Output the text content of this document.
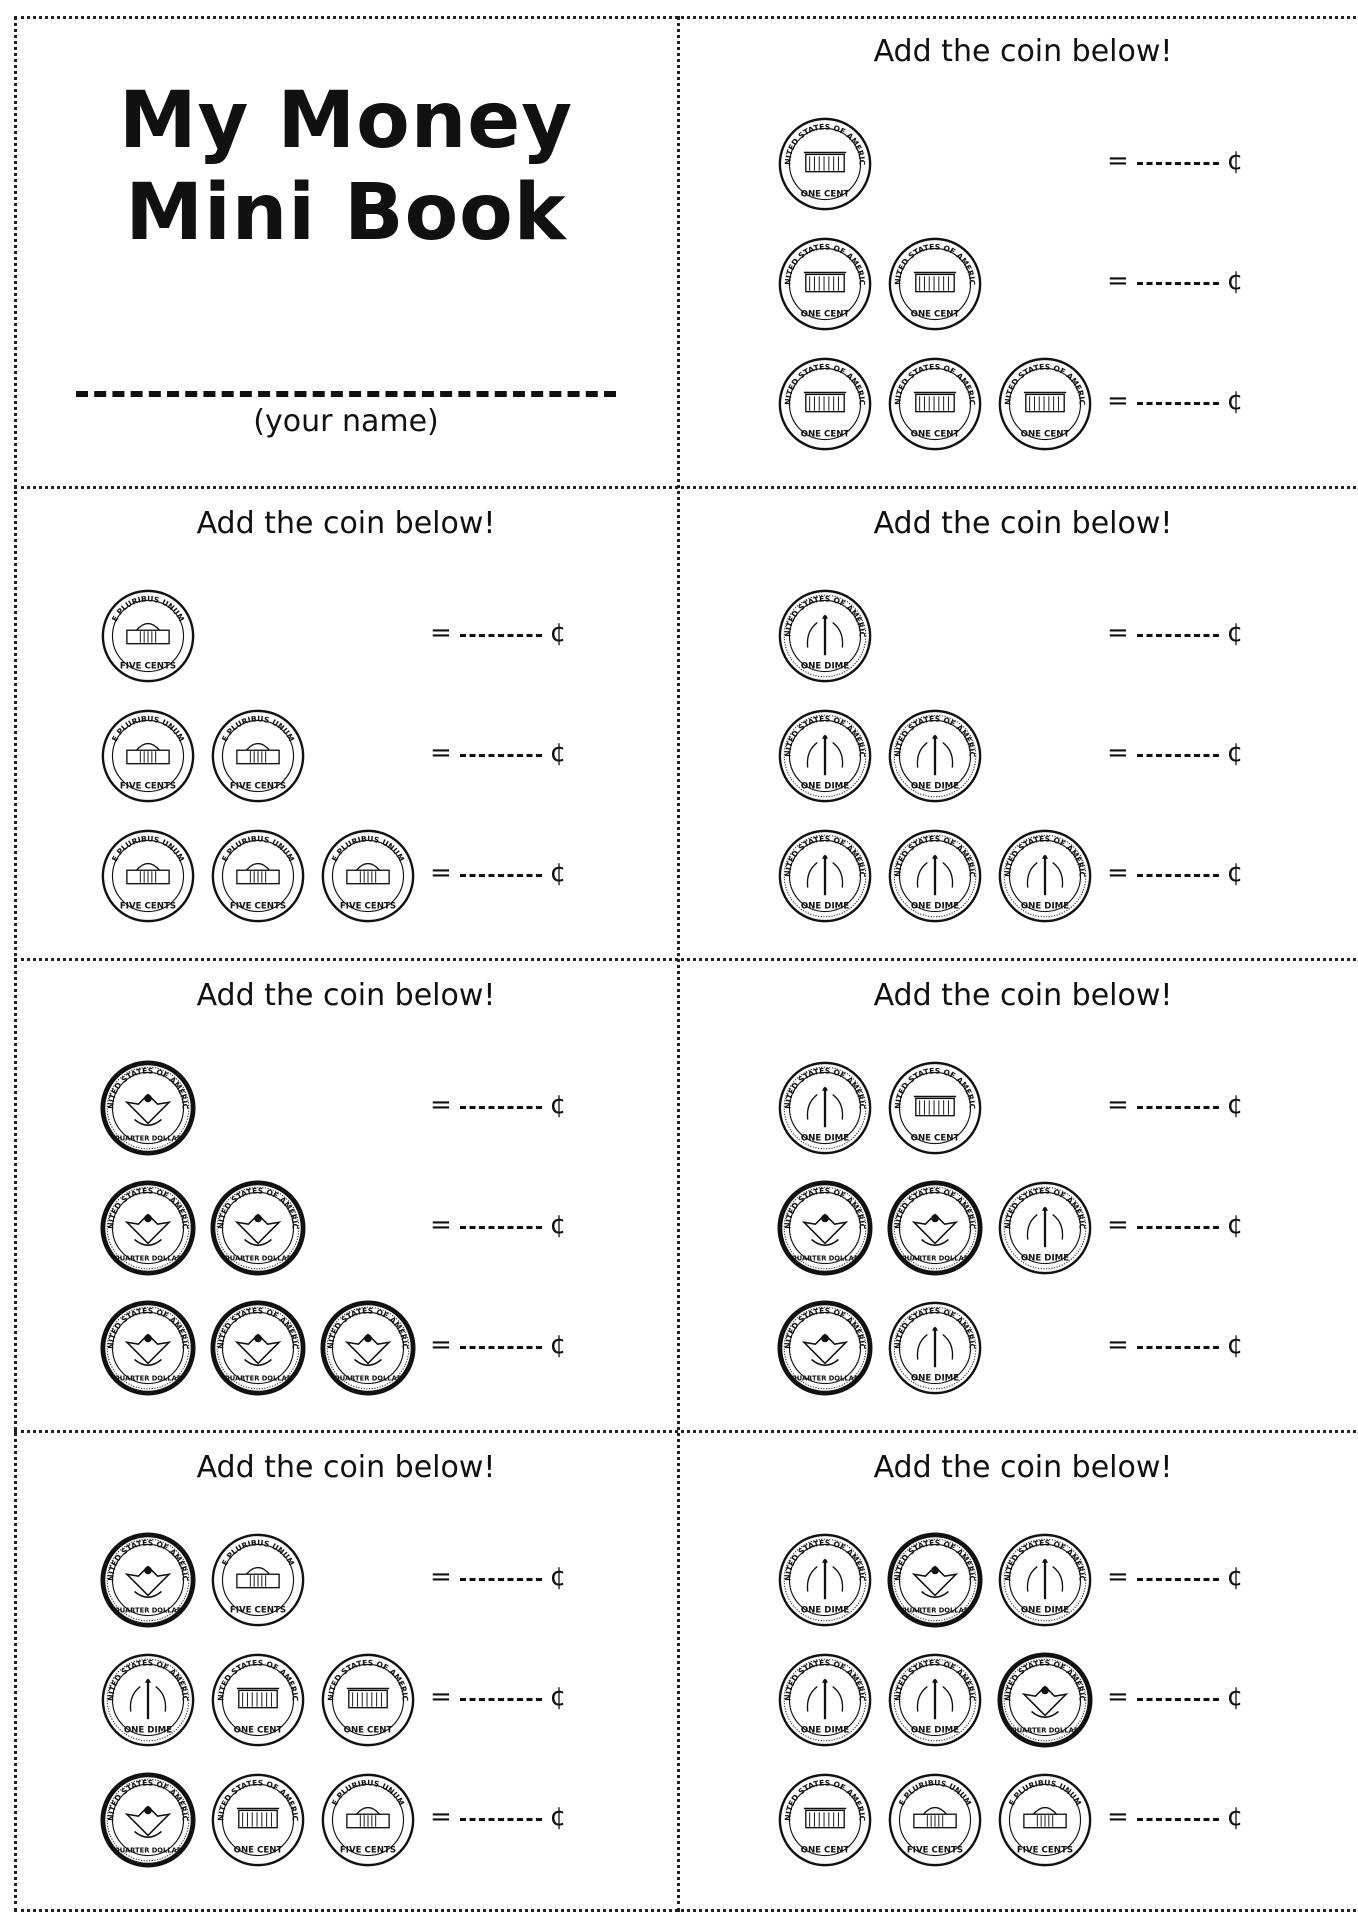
My Money
Mini Book
(your name)
Add the coin below!
NITED STATES OF AMERIC
ONE CENT
=	¢
NITED STATES OF AMERIC
ONE CENT
NITED STATES OF AMERIC
ONE CENT
=	¢
NITED STATES OF AMERIC
ONE CENT
NITED STATES OF AMERIC
ONE CENT
NITED STATES OF AMERIC
ONE CENT
=	¢
Add the coin below!
E PLURIBUS UNUM
FIVE CENTS
=	¢
E PLURIBUS UNUM
FIVE CENTS
E PLURIBUS UNUM
FIVE CENTS
=	¢
E PLURIBUS UNUM
FIVE CENTS
E PLURIBUS UNUM
FIVE CENTS
E PLURIBUS UNUM
FIVE CENTS
=	¢
Add the coin below!
NITED STATES OF AMERIC
ONE DIME
=	¢
NITED STATES OF AMERIC
ONE DIME
NITED STATES OF AMERIC
ONE DIME
=	¢
NITED STATES OF AMERIC
ONE DIME
NITED STATES OF AMERIC
ONE DIME
NITED STATES OF AMERIC
ONE DIME
=	¢
Add the coin below!
NITED STATES OF AMERIC
QUARTER DOLLAR
=	¢
NITED STATES OF AMERIC
QUARTER DOLLAR
NITED STATES OF AMERIC
QUARTER DOLLAR
=	¢
NITED STATES OF AMERIC
QUARTER DOLLAR
NITED STATES OF AMERIC
QUARTER DOLLAR
NITED STATES OF AMERIC
QUARTER DOLLAR
=	¢
Add the coin below!
NITED STATES OF AMERIC
ONE DIME
NITED STATES OF AMERIC
ONE CENT
=	¢
NITED STATES OF AMERIC
QUARTER DOLLAR
NITED STATES OF AMERIC
QUARTER DOLLAR
NITED STATES OF AMERIC
ONE DIME
=	¢
NITED STATES OF AMERIC
QUARTER DOLLAR
NITED STATES OF AMERIC
ONE DIME
=	¢
Add the coin below!
NITED STATES OF AMERIC
QUARTER DOLLAR
E PLURIBUS UNUM
FIVE CENTS
=	¢
NITED STATES OF AMERIC
ONE DIME
NITED STATES OF AMERIC
ONE CENT
NITED STATES OF AMERIC
ONE CENT
=	¢
NITED STATES OF AMERIC
QUARTER DOLLAR
NITED STATES OF AMERIC
ONE CENT
E PLURIBUS UNUM
FIVE CENTS
=	¢
Add the coin below!
NITED STATES OF AMERIC
ONE DIME
NITED STATES OF AMERIC
QUARTER DOLLAR
NITED STATES OF AMERIC
ONE DIME
=	¢
NITED STATES OF AMERIC
ONE DIME
NITED STATES OF AMERIC
ONE DIME
NITED STATES OF AMERIC
QUARTER DOLLAR
=	¢
NITED STATES OF AMERIC
ONE CENT
E PLURIBUS UNUM
FIVE CENTS
E PLURIBUS UNUM
FIVE CENTS
=	¢
